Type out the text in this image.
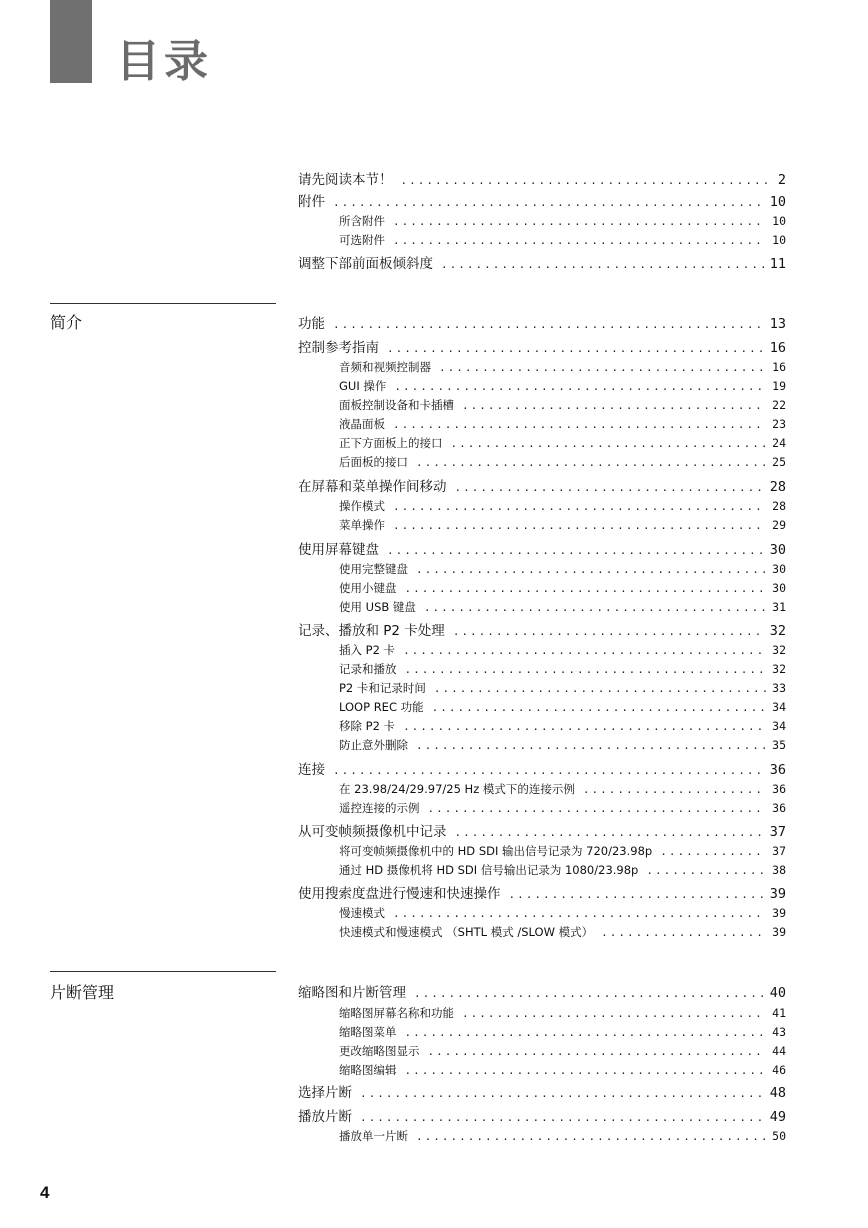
目录
请先阅读本节！ .....	2
附件 .....	10
所含附件 .....	10
可选附件 .....	10
调整下部前面板倾斜度 .....	11
简介	功能 .....	13
控制参考指南 .....	16
音频和视频控制器 .....	16
GUI 操作 .....	19
面板控制设备和卡插槽 .....	22
液晶面板 .....	23
正下方面板上的接口 .....	24
后面板的接口 .....	25
在屏幕和菜单操作间移动 .....	28
操作模式 .....	28
菜单操作 .....	29
使用屏幕键盘 .....	30
使用完整键盘 .....	30
使用小键盘 .....	30
使用 USB 键盘 .....	31
记录、播放和 P2 卡处理 .....	32
插入 P2 卡 .....	32
记录和播放 .....	32
P2 卡和记录时间 .....	33
LOOP REC 功能 .....	34
移除 P2 卡 .....	34
防止意外删除 .....	35
连接 .....	36
在 23.98/24/29.97/25 Hz 模式下的连接示例 .....	36
遥控连接的示例 .....	36
从可变帧频摄像机中记录 .....	37
将可变帧频摄像机中的 HD SDI 输出信号记录为 720/23.98p .....	37
通过 HD 摄像机将 HD SDI 信号输出记录为 1080/23.98p .....	38
使用搜索度盘进行慢速和快速操作 .....	39
慢速模式 .....	39
快速模式和慢速模式 （SHTL 模式 /SLOW 模式） .....	39
片断管理	缩略图和片断管理 .....	40
缩略图屏幕名称和功能 .....	41
缩略图菜单 .....	43
更改缩略图显示 .....	44
缩略图编辑 .....	46
选择片断 .....	48
播放片断 .....	49
播放单一片断 .....	50
4
